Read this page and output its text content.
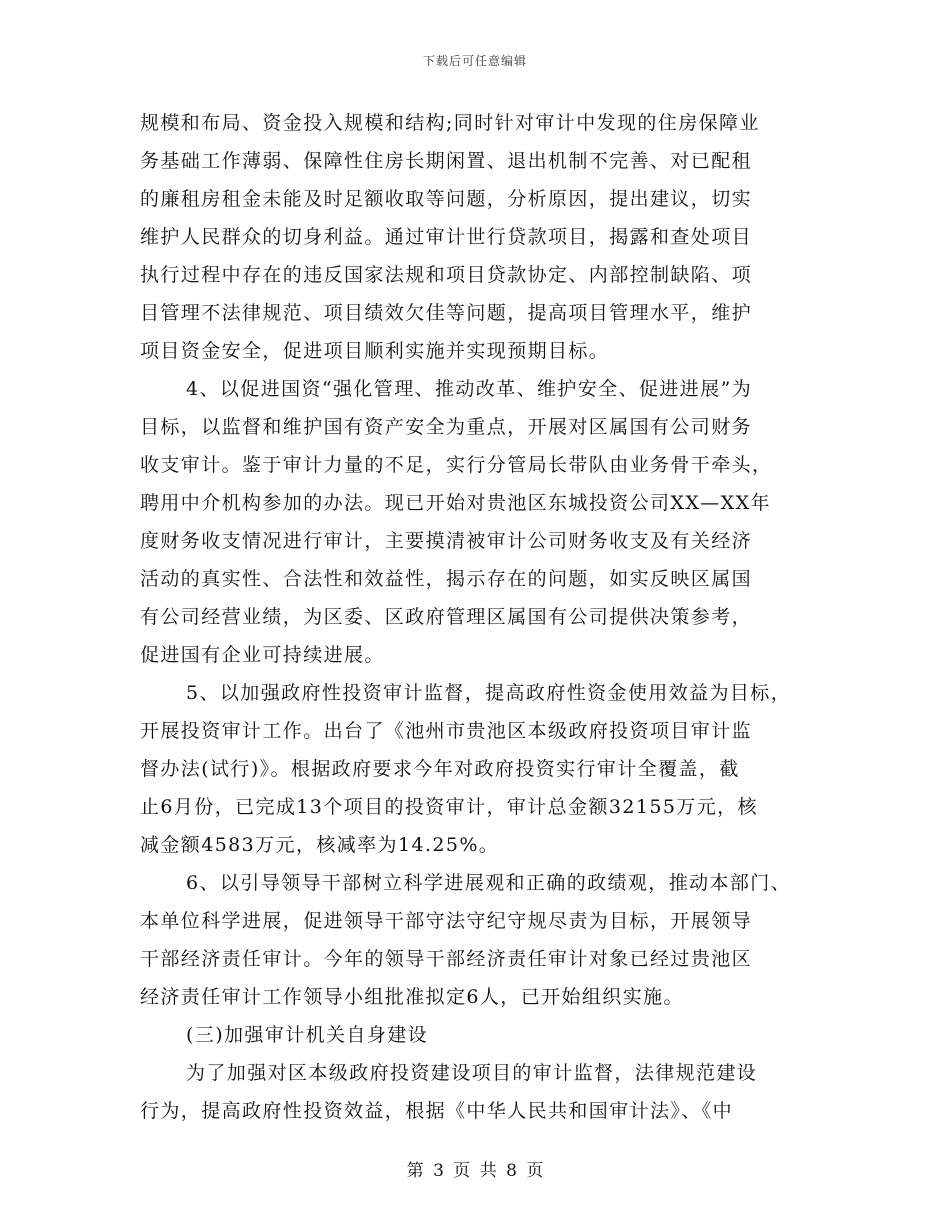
下载后可任意编辑
规模和布局、资金投入规模和结构;同时针对审计中发现的住房保障业
务基础工作薄弱、保障性住房长期闲置、退出机制不完善、对已配租
的廉租房租金未能及时足额收取等问题，分析原因，提出建议，切实
维护人民群众的切身利益。通过审计世行贷款项目，揭露和查处项目
执行过程中存在的违反国家法规和项目贷款协定、内部控制缺陷、项
目管理不法律规范、项目绩效欠佳等问题，提高项目管理水平，维护
项目资金安全，促进项目顺利实施并实现预期目标。
4、以促进国资“强化管理、推动改革、维护安全、促进进展”为
目标，以监督和维护国有资产安全为重点，开展对区属国有公司财务
收支审计。鉴于审计力量的不足，实行分管局长带队由业务骨干牵头，
聘用中介机构参加的办法。现已开始对贵池区东城投资公司XX—XX年
度财务收支情况进行审计，主要摸清被审计公司财务收支及有关经济
活动的真实性、合法性和效益性，揭示存在的问题，如实反映区属国
有公司经营业绩，为区委、区政府管理区属国有公司提供决策参考，
促进国有企业可持续进展。
5、以加强政府性投资审计监督，提高政府性资金使用效益为目标，
开展投资审计工作。出台了《池州市贵池区本级政府投资项目审计监
督办法(试行)》。根据政府要求今年对政府投资实行审计全覆盖，截
止6月份，已完成13个项目的投资审计，审计总金额32155万元，核
减金额4583万元，核减率为14.25%。
6、以引导领导干部树立科学进展观和正确的政绩观，推动本部门、
本单位科学进展，促进领导干部守法守纪守规尽责为目标，开展领导
干部经济责任审计。今年的领导干部经济责任审计对象已经过贵池区
经济责任审计工作领导小组批准拟定6人，已开始组织实施。
(三)加强审计机关自身建设
为了加强对区本级政府投资建设项目的审计监督，法律规范建设
行为，提高政府性投资效益，根据《中华人民共和国审计法》、《中
第 3 页 共 8 页
